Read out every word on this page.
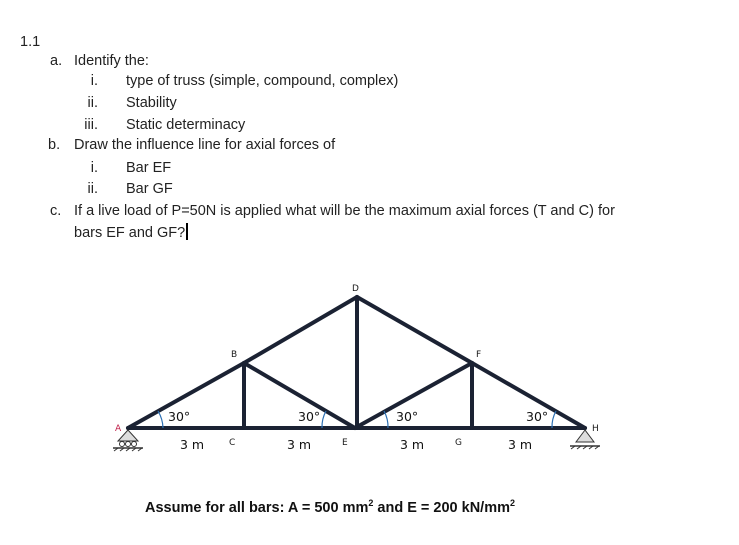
1.1
a. Identify the:
i. type of truss (simple, compound, complex)
ii. Stability
iii. Static determinacy
b. Draw the influence line for axial forces of
i. Bar EF
ii. Bar GF
c. If a live load of P=50N is applied what will be the maximum axial forces (T and C) for
bars EF and GF?
A
B
C
D
E
F
G
H
30°	30°	30°	30°
3 m	3 m	3 m	3 m
Assume for all bars: A = 500 $mm^2$ and E = 200 $kN/mm^2$
